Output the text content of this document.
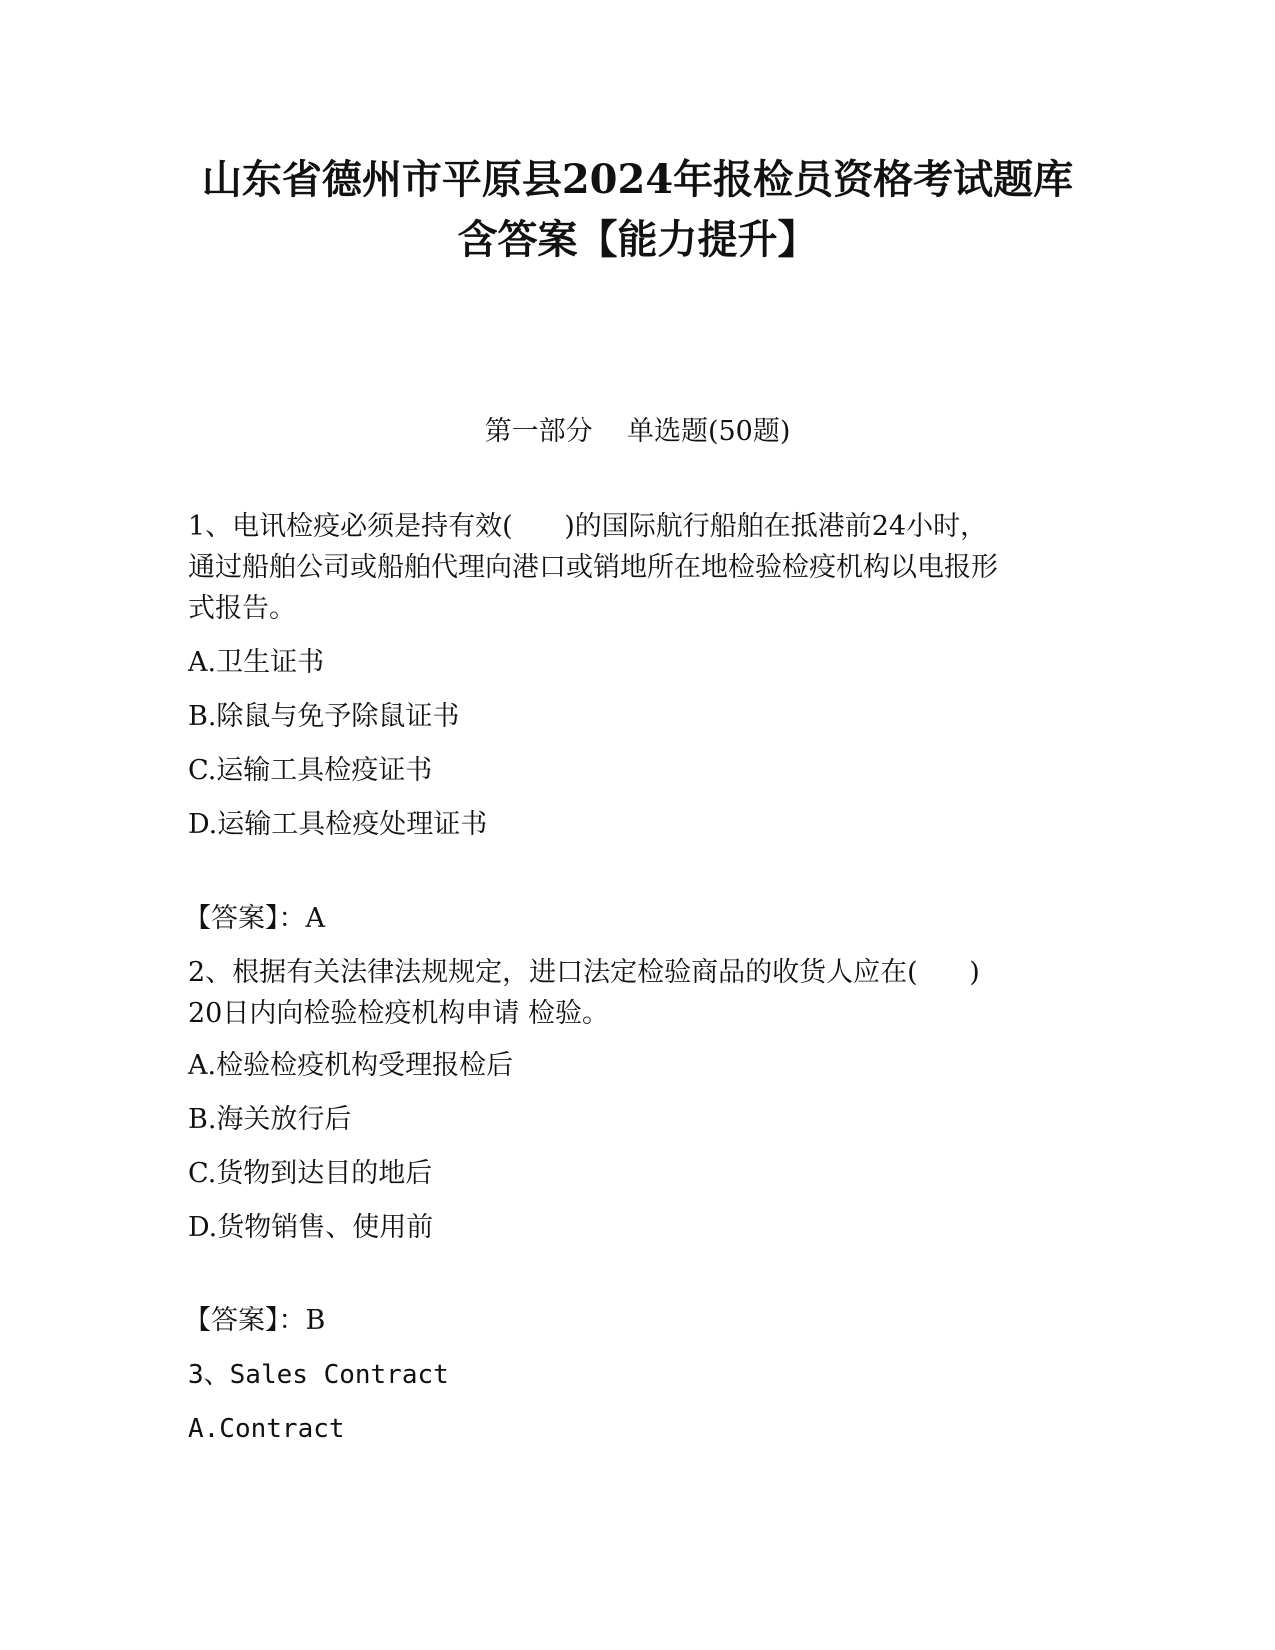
山东省德州市平原县2024年报检员资格考试题库
含答案【能力提升】
第一部分    单选题(50题)
1、电讯检疫必须是持有效(      )的国际航行船舶在抵港前24小时，
通过船舶公司或船舶代理向港口或销地所在地检验检疫机构以电报形
式报告。
A.卫生证书
B.除鼠与免予除鼠证书
C.运输工具检疫证书
D.运输工具检疫处理证书
【答案】：A
2、根据有关法律法规规定，进口法定检验商品的收货人应在(      )
20日内向检验检疫机构申请 检验。
A.检验检疫机构受理报检后
B.海关放行后
C.货物到达目的地后
D.货物销售、使用前
【答案】：B
3、Sales Contract
A.Contract
